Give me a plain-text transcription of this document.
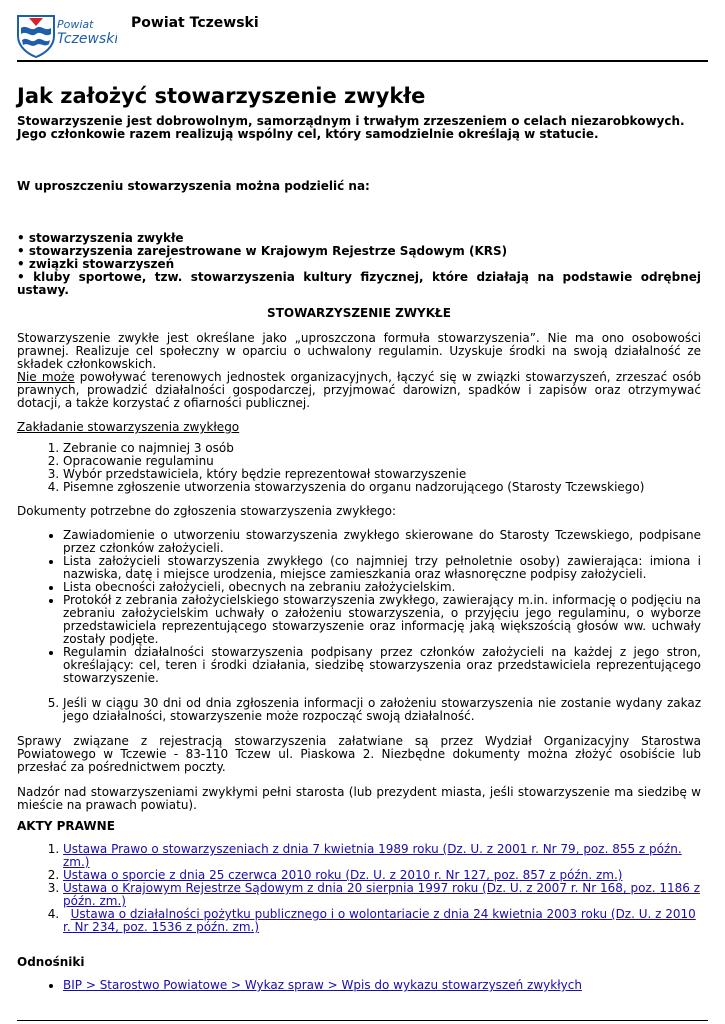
Powiat
Tczewski
Powiat Tczewski
Jak założyć stowarzyszenie zwykłe

Stowarzyszenie jest dobrowolnym, samorządnym i trwałym zrzeszeniem o celach niezarobkowych. Jego członkowie razem realizują wspólny cel, który samodzielnie określają w statucie.

W uproszczeniu stowarzyszenia można podzielić na:

• stowarzyszenia zwykłe

• stowarzyszenia zarejestrowane w Krajowym Rejestrze Sądowym (KRS)

• związki stowarzyszeń

• kluby sportowe, tzw. stowarzyszenia kultury fizycznej, które działają na podstawie odrębnej ustawy.

STOWARZYSZENIE ZWYKŁE

Stowarzyszenie zwykłe jest określane jako „uproszczona formuła stowarzyszenia”. Nie ma ono osobowości prawnej. Realizuje cel społeczny w oparciu o uchwalony regulamin. Uzyskuje środki na swoją działalność ze składek członkowskich.

Nie może powoływać terenowych jednostek organizacyjnych, łączyć się w związki stowarzyszeń, zrzeszać osób prawnych, prowadzić działalności gospodarczej, przyjmować darowizn, spadków i zapisów oraz otrzymywać dotacji, a także korzystać z ofiarności publicznej.

Zakładanie stowarzyszenia zwykłego

1. Zebranie co najmniej 3 osób
2. Opracowanie regulaminu
3. Wybór przedstawiciela, który będzie reprezentował stowarzyszenie
4. Pisemne zgłoszenie utworzenia stowarzyszenia do organu nadzorującego (Starosty Tczewskiego)

Dokumenty potrzebne do zgłoszenia stowarzyszenia zwykłego:

• Zawiadomienie o utworzeniu stowarzyszenia zwykłego skierowane do Starosty Tczewskiego, podpisane przez członków założycieli.
• Lista założycieli stowarzyszenia zwykłego (co najmniej trzy pełnoletnie osoby) zawierająca: imiona i nazwiska, datę i miejsce urodzenia, miejsce zamieszkania oraz własnoręczne podpisy założycieli.
• Lista obecności założycieli, obecnych na zebraniu założycielskim.
• Protokół z zebrania założycielskiego stowarzyszenia zwykłego, zawierający m.in. informację o podjęciu na zebraniu założycielskim uchwały o założeniu stowarzyszenia, o przyjęciu jego regulaminu, o wyborze przedstawiciela reprezentującego stowarzyszenie oraz informację jaką większością głosów ww. uchwały zostały podjęte.
• Regulamin działalności stowarzyszenia podpisany przez członków założycieli na każdej z jego stron, określający: cel, teren i środki działania, siedzibę stowarzyszenia oraz przedstawiciela reprezentującego stowarzyszenie.
5. Jeśli w ciągu 30 dni od dnia zgłoszenia informacji o założeniu stowarzyszenia nie zostanie wydany zakaz jego działalności, stowarzyszenie może rozpocząć swoją działalność.

Sprawy związane z rejestracją stowarzyszenia załatwiane są przez Wydział Organizacyjny Starostwa Powiatowego w Tczewie - 83-110 Tczew ul. Piaskowa 2. Niezbędne dokumenty można złożyć osobiście lub przesłać za pośrednictwem poczty.

Nadzór nad stowarzyszeniami zwykłymi pełni starosta (lub prezydent miasta, jeśli stowarzyszenie ma siedzibę w mieście na prawach powiatu).

AKTY PRAWNE

1. Ustawa Prawo o stowarzyszeniach z dnia 7 kwietnia 1989 roku (Dz. U. z 2001 r. Nr 79, poz. 855 z późn. zm.)
2. Ustawa o sporcie z dnia 25 czerwca 2010 roku (Dz. U. z 2010 r. Nr 127, poz. 857 z późn. zm.)
3. Ustawa o Krajowym Rejestrze Sądowym z dnia 20 sierpnia 1997 roku (Dz. U. z 2007 r. Nr 168, poz. 1186 z późn. zm.)
4. Ustawa o działalności pożytku publicznego i o wolontariacie z dnia 24 kwietnia 2003 roku (Dz. U. z 2010 r. Nr 234, poz. 1536 z późn. zm.)

Odnośniki

• BIP > Starostwo Powiatowe > Wykaz spraw > Wpis do wykazu stowarzyszeń zwykłych
